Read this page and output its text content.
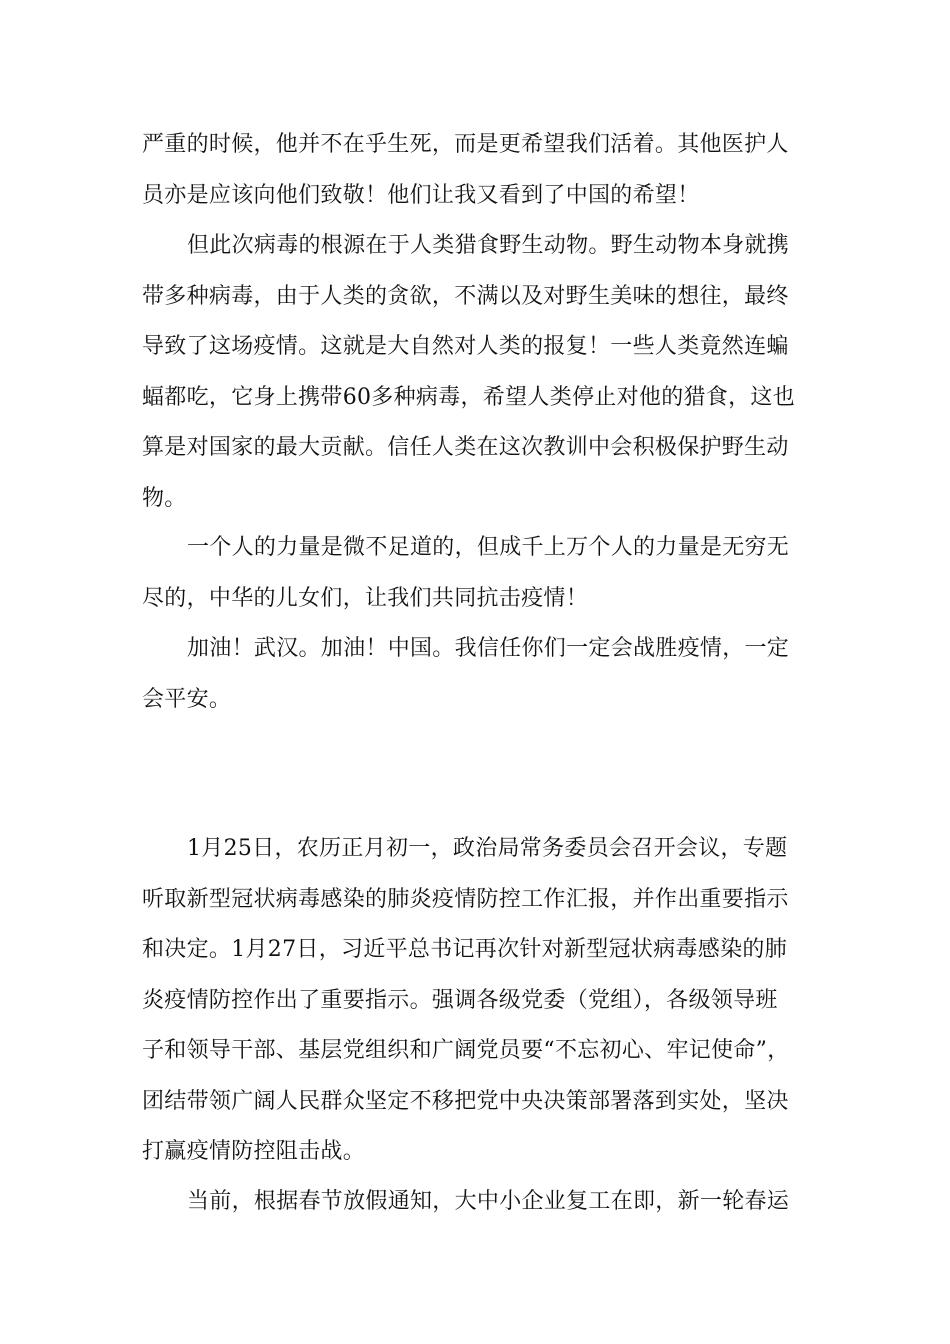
严重的时候，他并不在乎生死，而是更希望我们活着。其他医护人
员亦是应该向他们致敬！他们让我又看到了中国的希望！

但此次病毒的根源在于人类猎食野生动物。野生动物本身就携
带多种病毒，由于人类的贪欲，不满以及对野生美味的想往，最终
导致了这场疫情。这就是大自然对人类的报复！一些人类竟然连蝙
蝠都吃，它身上携带60多种病毒，希望人类停止对他的猎食，这也
算是对国家的最大贡献。信任人类在这次教训中会积极保护野生动
物。

一个人的力量是微不足道的，但成千上万个人的力量是无穷无
尽的，中华的儿女们，让我们共同抗击疫情！

加油！武汉。加油！中国。我信任你们一定会战胜疫情，一定
会平安。

1月25日，农历正月初一，政治局常务委员会召开会议，专题
听取新型冠状病毒感染的肺炎疫情防控工作汇报，并作出重要指示
和决定。1月27日，习近平总书记再次针对新型冠状病毒感染的肺
炎疫情防控作出了重要指示。强调各级党委（党组），各级领导班
子和领导干部、基层党组织和广阔党员要“不忘初心、牢记使命”，
团结带领广阔人民群众坚定不移把党中央决策部署落到实处，坚决
打赢疫情防控阻击战。

当前，根据春节放假通知，大中小企业复工在即，新一轮春运
